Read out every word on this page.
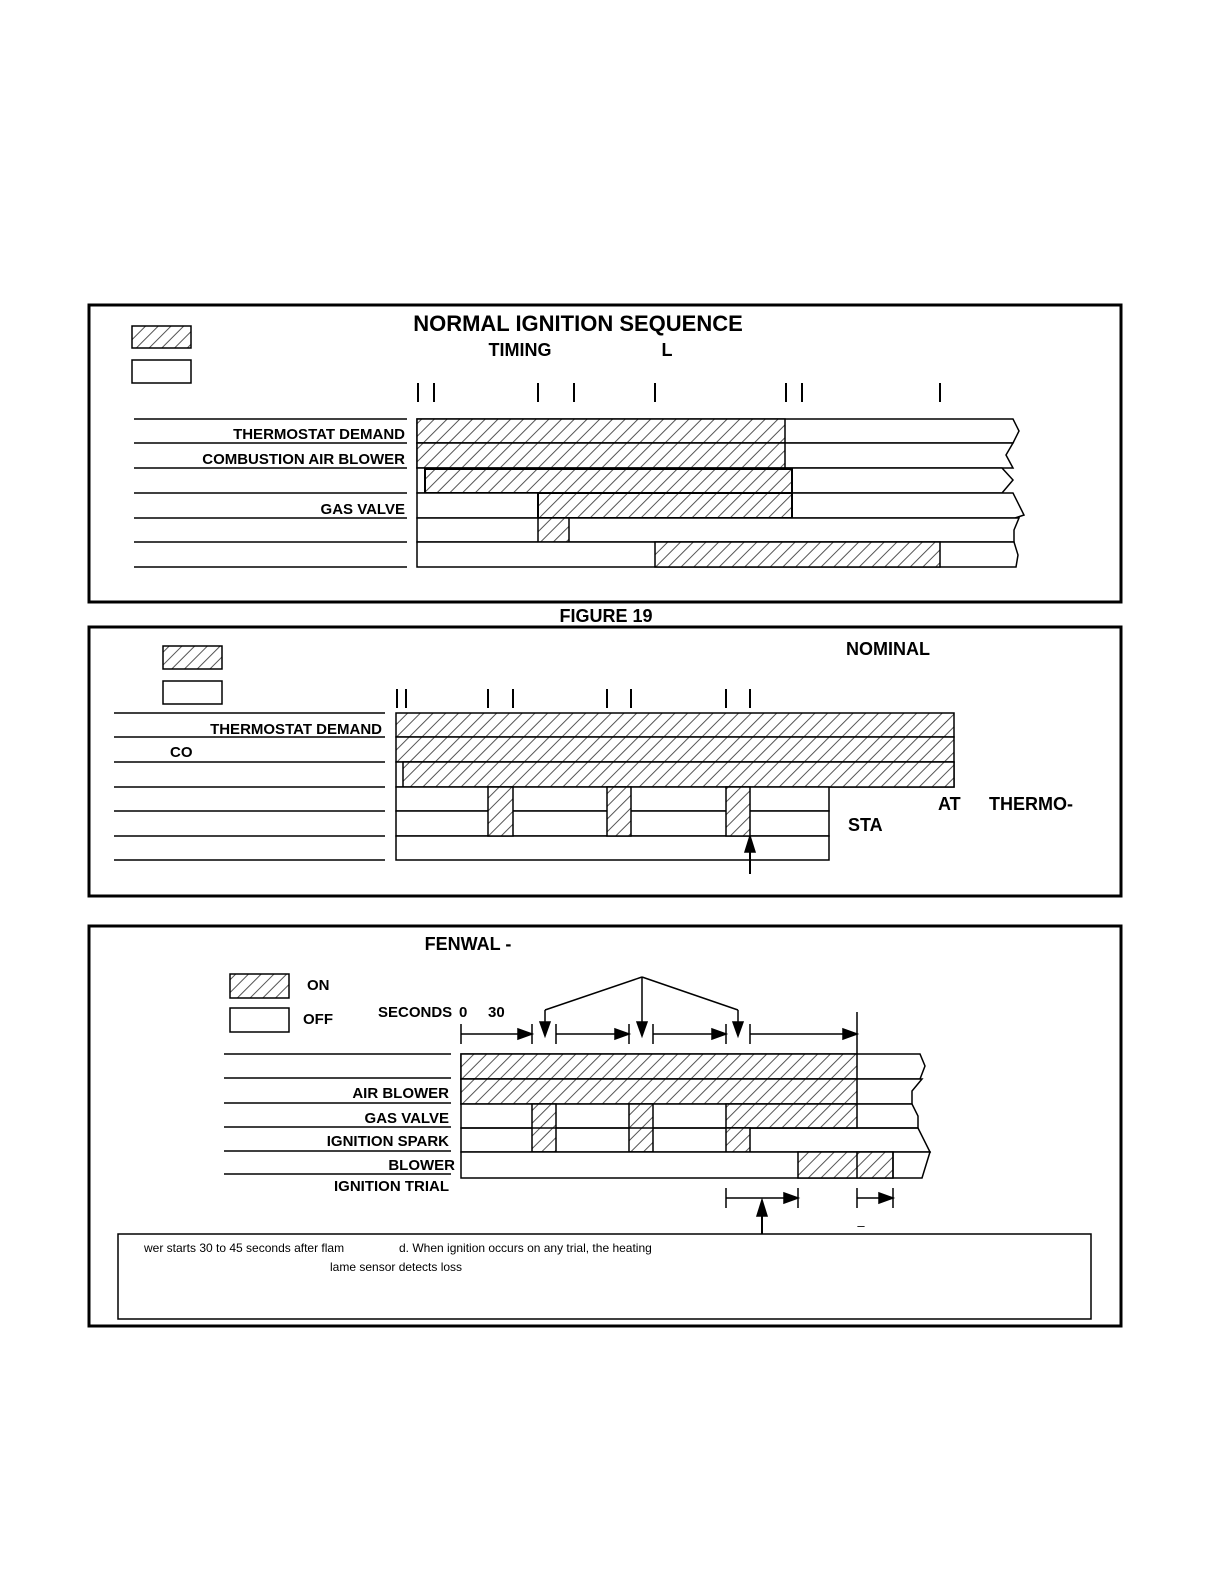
NORMAL IGNITION SEQUENCE
TIMING	L
THERMOSTAT DEMAND
COMBUSTION AIR BLOWER
GAS VALVE
FIGURE 19
NOMINAL
THERMOSTAT DEMAND
CO
AT THERMO-
STA
FENWAL -
ON
OFF	SECONDS 0 30
AIR BLOWER
GAS VALVE
IGNITION SPARK
BLOWER
IGNITION TRIAL
–
wer starts 30 to 45 seconds after flam	d. When ignition occurs on any trial, the heating
lame sensor detects loss
